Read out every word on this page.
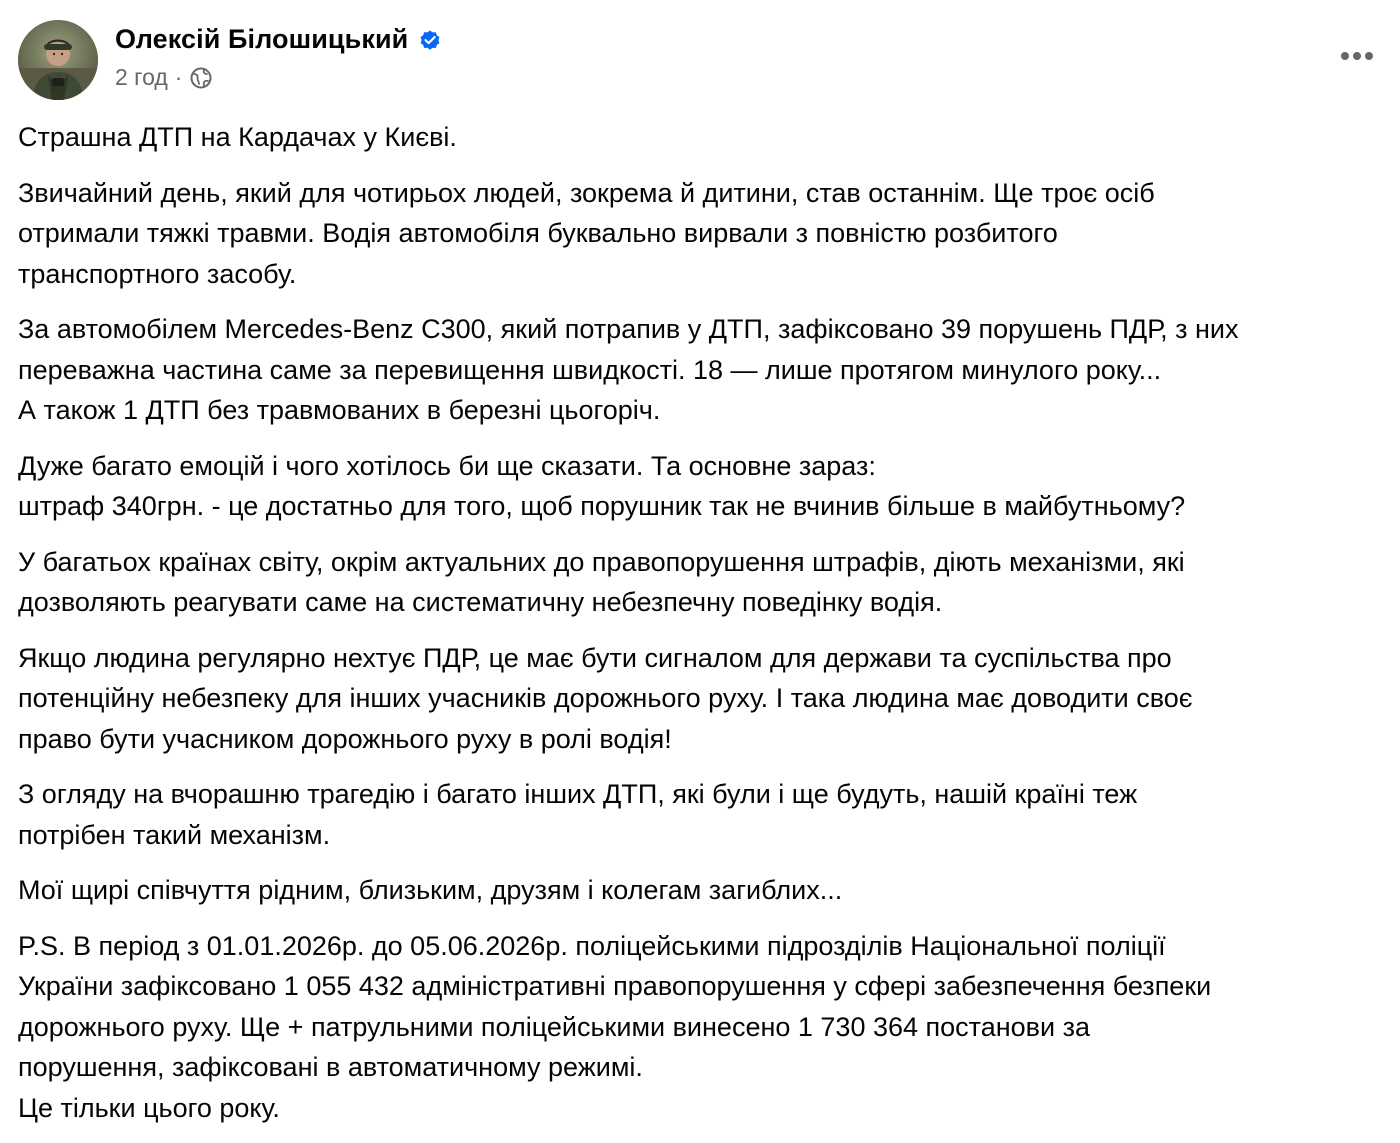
Олексій Білошицький
2 год ·

Страшна ДТП на Кардачах у Києві.

Звичайний день, який для чотирьох людей, зокрема й дитини, став останнім. Ще троє осіб
отримали тяжкі травми. Водія автомобіля буквально вирвали з повністю розбитого
транспортного засобу.

За автомобілем Mercedes-Benz C300, який потрапив у ДТП, зафіксовано 39 порушень ПДР, з них
переважна частина саме за перевищення швидкості. 18 — лише протягом минулого року...
А також 1 ДТП без травмованих в березні цьогоріч.

Дуже багато емоцій і чого хотілось би ще сказати. Та основне зараз:
штраф 340грн. - це достатньо для того, щоб порушник так не вчинив більше в майбутньому?

У багатьох країнах світу, окрім актуальних до правопорушення штрафів, діють механізми, які
дозволяють реагувати саме на систематичну небезпечну поведінку водія.

Якщо людина регулярно нехтує ПДР, це має бути сигналом для держави та суспільства про
потенційну небезпеку для інших учасників дорожнього руху. І така людина має доводити своє
право бути учасником дорожнього руху в ролі водія!

З огляду на вчорашню трагедію і багато інших ДТП, які були і ще будуть, нашій країні теж
потрібен такий механізм.

Мої щирі співчуття рідним, близьким, друзям і колегам загиблих...

P.S. В період з 01.01.2026р. до 05.06.2026р. поліцейськими підрозділів Національної поліції
України зафіксовано 1 055 432 адміністративні правопорушення у сфері забезпечення безпеки
дорожнього руху. Ще + патрульними поліцейськими винесено 1 730 364 постанови за
порушення, зафіксовані в автоматичному режимі.
Це тільки цього року.
